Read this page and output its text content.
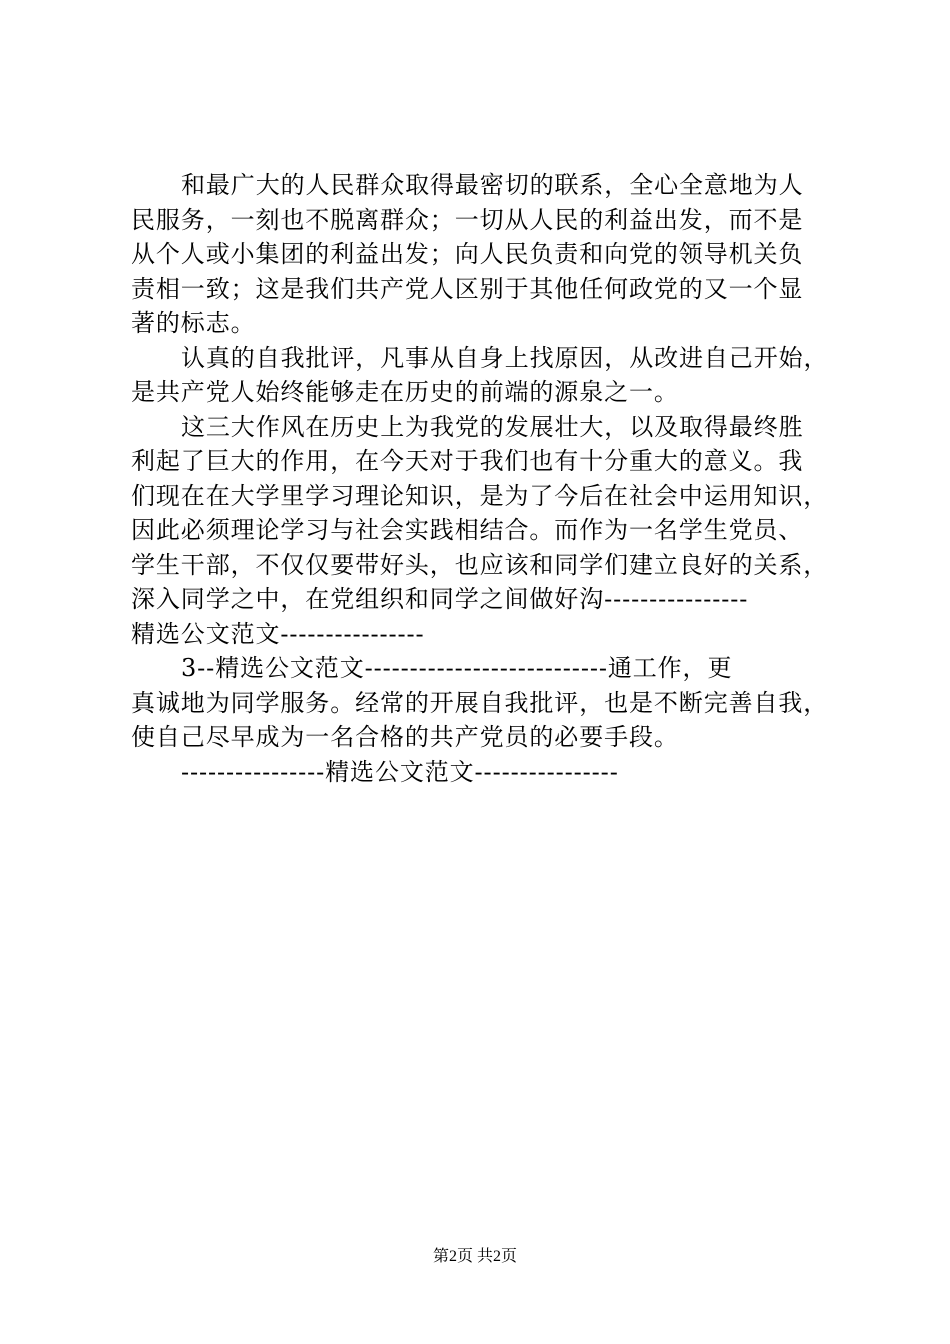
和最广大的人民群众取得最密切的联系，全心全意地为人
民服务，一刻也不脱离群众；一切从人民的利益出发，而不是
从个人或小集团的利益出发；向人民负责和向党的领导机关负
责相一致；这是我们共产党人区别于其他任何政党的又一个显
著的标志。
认真的自我批评，凡事从自身上找原因，从改进自己开始，
是共产党人始终能够走在历史的前端的源泉之一。
这三大作风在历史上为我党的发展壮大，以及取得最终胜
利起了巨大的作用，在今天对于我们也有十分重大的意义。我
们现在在大学里学习理论知识，是为了今后在社会中运用知识，
因此必须理论学习与社会实践相结合。而作为一名学生党员、
学生干部，不仅仅要带好头，也应该和同学们建立良好的关系，
深入同学之中，在党组织和同学之间做好沟----------------
精选公文范文----------------
3--精选公文范文---------------------------通工作，更
真诚地为同学服务。经常的开展自我批评，也是不断完善自我，
使自己尽早成为一名合格的共产党员的必要手段。
----------------精选公文范文----------------
第2页 共2页
